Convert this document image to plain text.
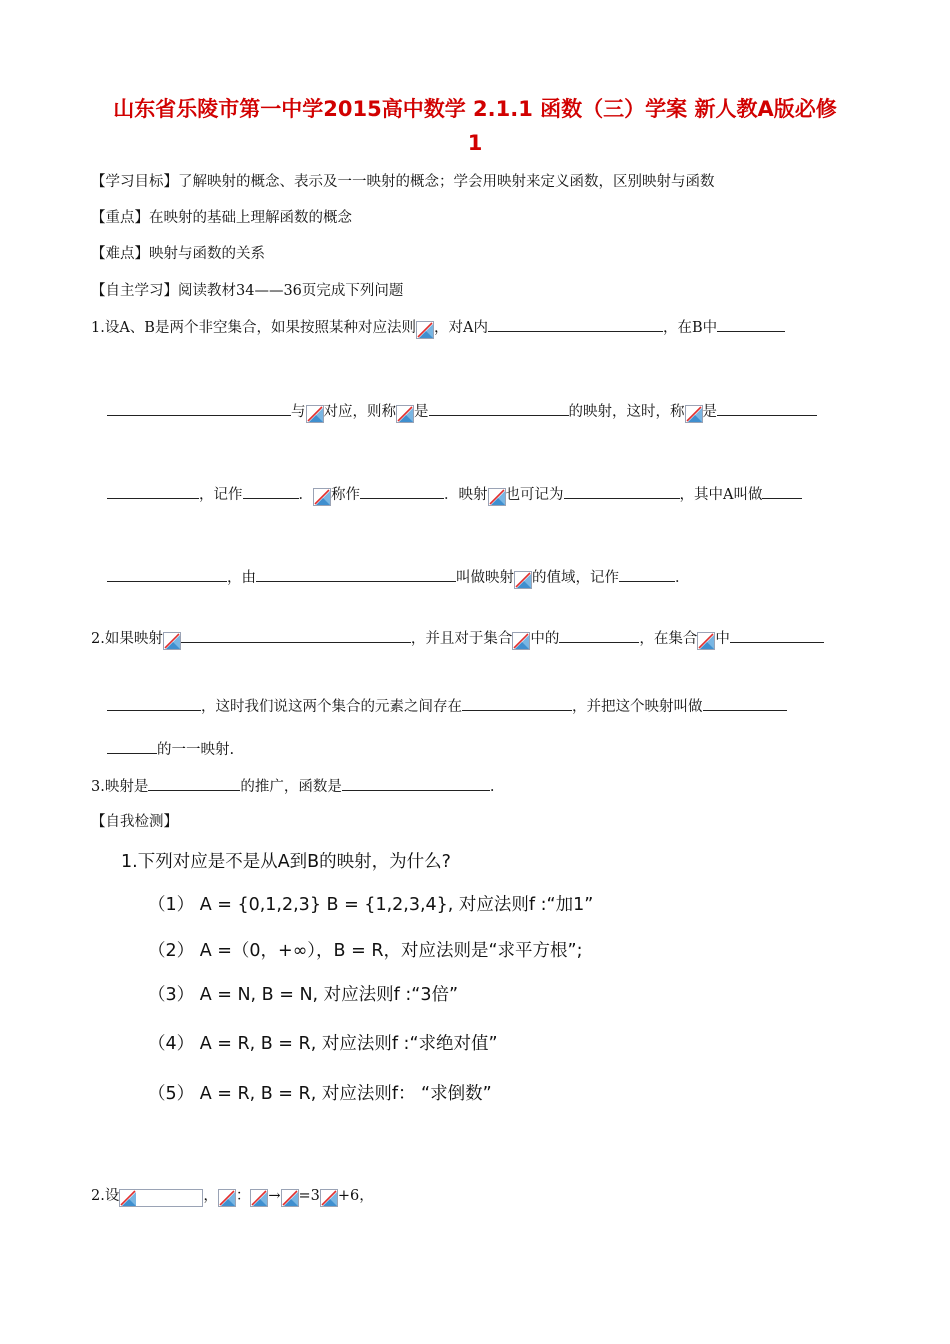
山东省乐陵市第一中学2015高中数学 2.1.1 函数（三）学案 新人教A版必修
1
【学习目标】了解映射的概念、表示及一一映射的概念；学会用映射来定义函数，区别映射与函数
【重点】在映射的基础上理解函数的概念
【难点】映射与函数的关系
【自主学习】阅读教材34——36页完成下列问题
1.设A、B是两个非空集合，如果按照某种对应法则 ，对A内	，在B中
与 对应，则称 是	的映射，这时，称 是
，记作	． 称作	．映射 也可记为	，其中A叫做
，由	叫做映射 的值域，记作	．
2.如果映射	，并且对于集合 中的	，在集合 中
，这时我们说这两个集合的元素之间存在	，并把这个映射叫做
的一一映射.
3.映射是	的推广，函数是	.
【自我检测】
1.下列对应是不是从A到B的映射，为什么?
（1） A = {0,1,2,3} B = {1,2,3,4}, 对应法则f :“加1”
（2） A =（0，+∞），B = R，对应法则是“求平方根”;
（3） A = N, B = N, 对应法则f :“3倍”
（4） A = R, B = R, 对应法则f :“求绝对值”
（5） A = R, B = R, 对应法则f： “求倒数”
2.设	， ： → =3 +6，
